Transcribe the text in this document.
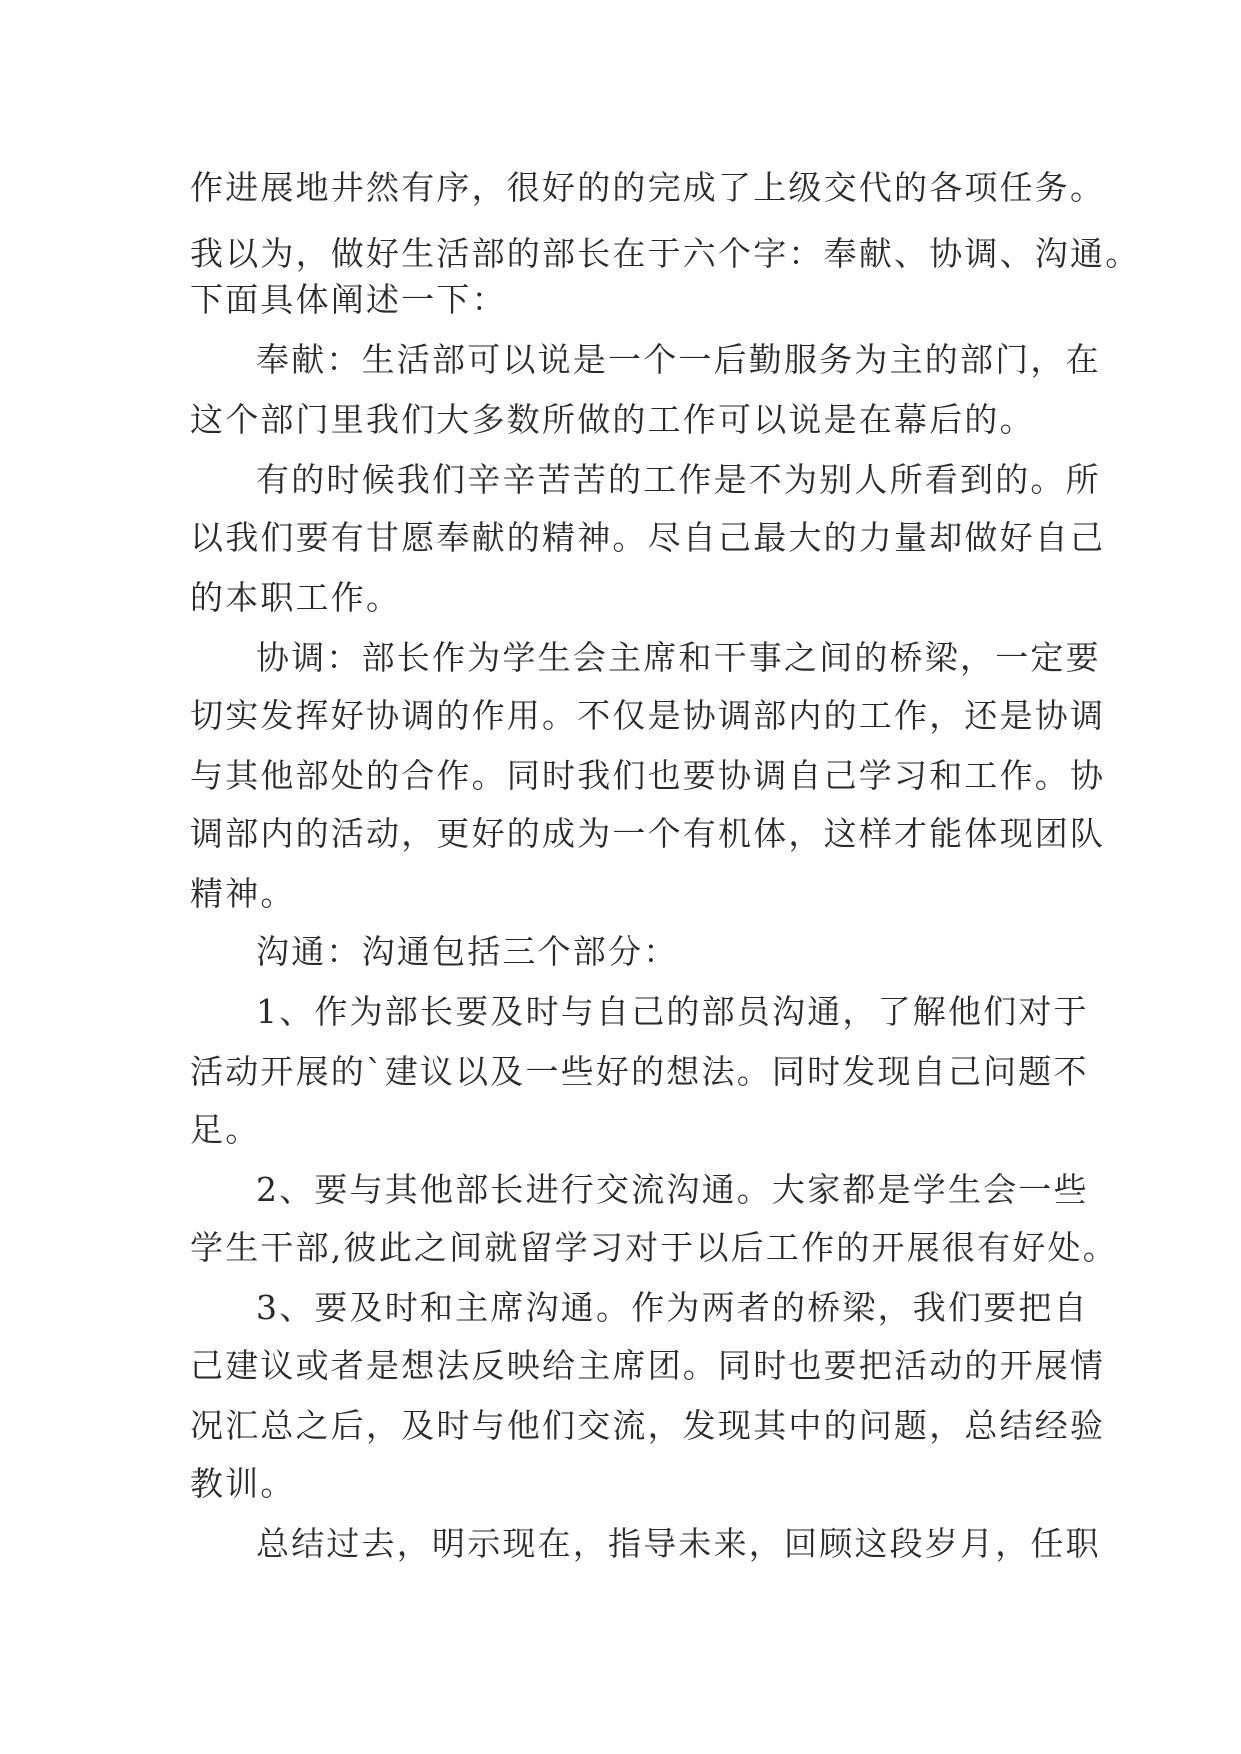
作进展地井然有序，很好的的完成了上级交代的各项任务。
我以为，做好生活部的部长在于六个字：奉献、协调、沟通。
下面具体阐述一下：
奉献：生活部可以说是一个一后勤服务为主的部门，在
这个部门里我们大多数所做的工作可以说是在幕后的。
有的时候我们辛辛苦苦的工作是不为别人所看到的。所
以我们要有甘愿奉献的精神。尽自己最大的力量却做好自己
的本职工作。
协调：部长作为学生会主席和干事之间的桥梁，一定要
切实发挥好协调的作用。不仅是协调部内的工作，还是协调
与其他部处的合作。同时我们也要协调自己学习和工作。协
调部内的活动，更好的成为一个有机体，这样才能体现团队
精神。
沟通：沟通包括三个部分：
1、作为部长要及时与自己的部员沟通，了解他们对于
活动开展的`建议以及一些好的想法。同时发现自己问题不
足。
2、要与其他部长进行交流沟通。大家都是学生会一些
学生干部,彼此之间就留学习对于以后工作的开展很有好处。
3、要及时和主席沟通。作为两者的桥梁，我们要把自
己建议或者是想法反映给主席团。同时也要把活动的开展情
况汇总之后，及时与他们交流，发现其中的问题，总结经验
教训。
总结过去，明示现在，指导未来，回顾这段岁月，任职
